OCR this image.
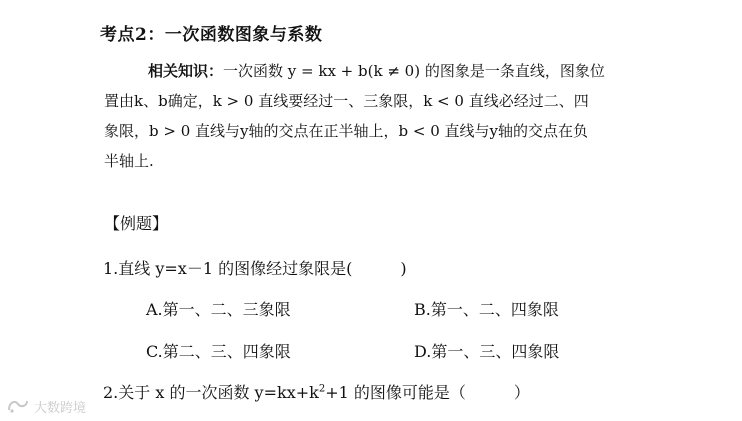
考点2：一次函数图象与系数
相关知识：一次函数 y = kx + b(k ≠ 0) 的图象是一条直线，图象位
置由k、b确定，k > 0 直线要经过一、三象限，k < 0 直线必经过二、四
象限，b > 0 直线与y轴的交点在正半轴上，b < 0 直线与y轴的交点在负
半轴上.
【例题】
1.直线 y=x－1 的图像经过象限是(　　　)
A.第一、二、三象限	B.第一、二、四象限
C.第二、三、四象限	D.第一、三、四象限
2.关于 x 的一次函数 $y=kx+k^2+1$ 的图像可能是（　　　）
大数跨境
